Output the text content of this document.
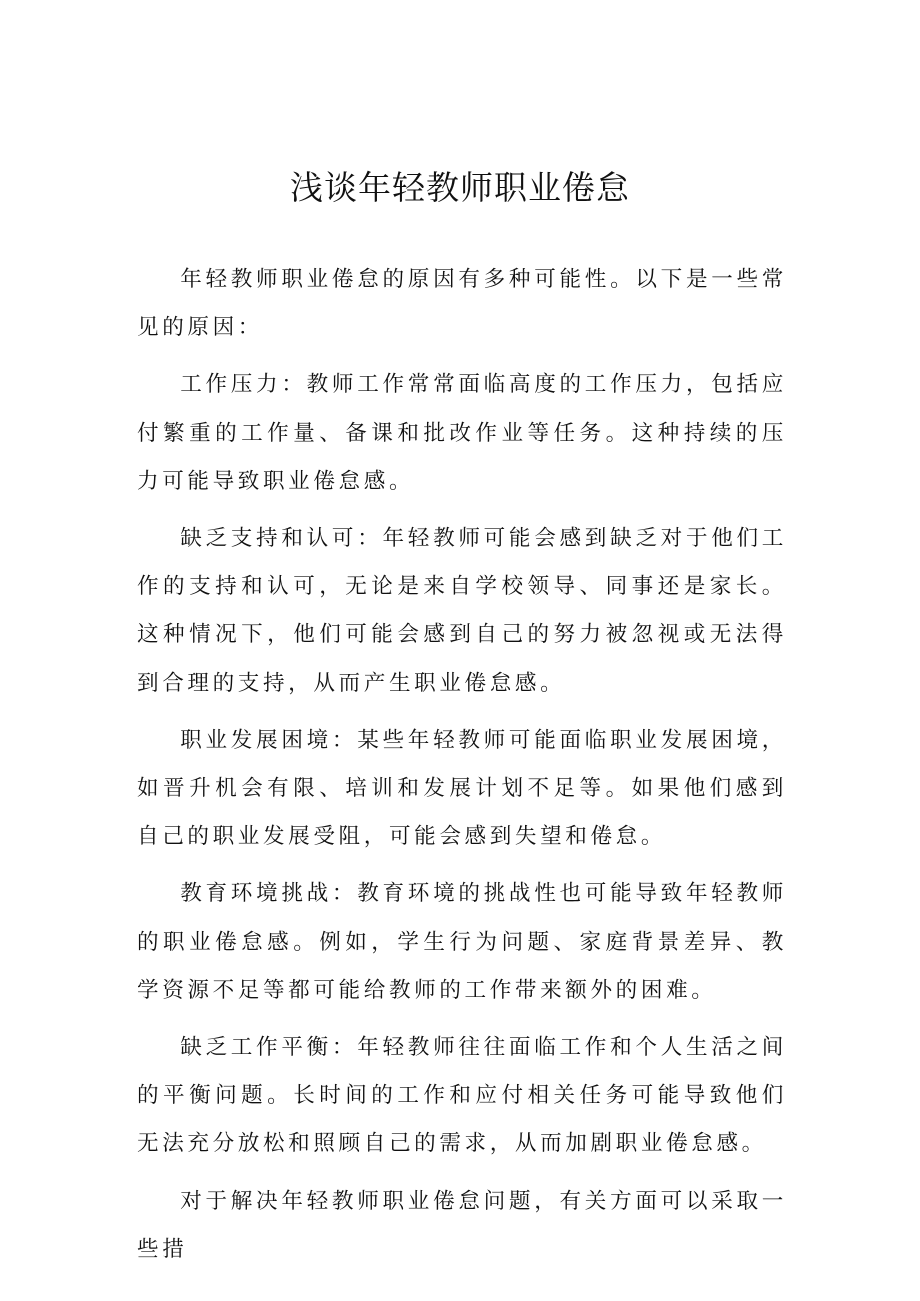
浅谈年轻教师职业倦怠

年轻教师职业倦怠的原因有多种可能性。以下是一些常见的原因：

工作压力：教师工作常常面临高度的工作压力，包括应付繁重的工作量、备课和批改作业等任务。这种持续的压力可能导致职业倦怠感。

缺乏支持和认可：年轻教师可能会感到缺乏对于他们工作的支持和认可，无论是来自学校领导、同事还是家长。这种情况下，他们可能会感到自己的努力被忽视或无法得到合理的支持，从而产生职业倦怠感。

职业发展困境：某些年轻教师可能面临职业发展困境，如晋升机会有限、培训和发展计划不足等。如果他们感到自己的职业发展受阻，可能会感到失望和倦怠。

教育环境挑战：教育环境的挑战性也可能导致年轻教师的职业倦怠感。例如，学生行为问题、家庭背景差异、教学资源不足等都可能给教师的工作带来额外的困难。

缺乏工作平衡：年轻教师往往面临工作和个人生活之间的平衡问题。长时间的工作和应付相关任务可能导致他们无法充分放松和照顾自己的需求，从而加剧职业倦怠感。

对于解决年轻教师职业倦怠问题，有关方面可以采取一些措
